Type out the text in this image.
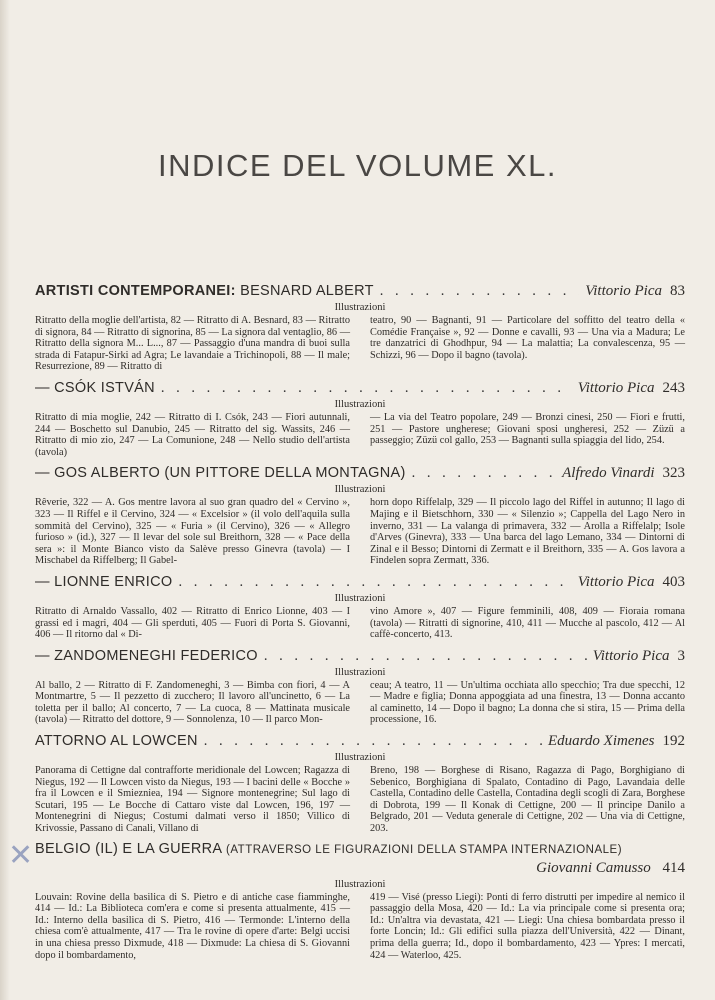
INDICE DEL VOLUME XL.
ARTISTI CONTEMPORANEI: BESNARD ALBERT . . .	Vittorio Pica 83
Illustrazioni

Ritratto della moglie dell'artista, 82 — Ritratto di A. Besnard, 83 — Ritratto di signora, 84 — Ritratto di signorina, 85 — La signora dal ventaglio, 86 — Ritratto della signora M... L..., 87 — Passaggio d'una mandra di buoi sulla strada di Fatapur-Sirki ad Agra; Le lavandaie a Trichinopoli, 88 — Il male; Resurrezione, 89 — Ritratto di

teatro, 90 — Bagnanti, 91 — Particolare del soffitto del teatro della « Comédie Française », 92 — Donne e cavalli, 93 — Una via a Madura; Le tre danzatrici di Ghodhpur, 94 — La malattia; La convalescenza, 95 — Schizzi, 96 — Dopo il bagno (tavola).

— CSÓK ISTVÁN . . .	Vittorio Pica 243
Illustrazioni

Ritratto di mia moglie, 242 — Ritratto di I. Csók, 243 — Fiori autunnali, 244 — Boschetto sul Danubio, 245 — Ritratto del sig. Wassits, 246 — Ritratto di mio zio, 247 — La Comunione, 248 — Nello studio dell'artista (tavola)

— La via del Teatro popolare, 249 — Bronzi cinesi, 250 — Fiori e frutti, 251 — Pastore ungherese; Giovani sposi ungheresi, 252 — Züzü a passeggio; Züzü col gallo, 253 — Bagnanti sulla spiaggia del lido, 254.

— GOS ALBERTO (UN PITTORE DELLA MONTAGNA) . . .	Alfredo Vinardi 323
Illustrazioni

Rêverie, 322 — A. Gos mentre lavora al suo gran quadro del « Cervino », 323 — Il Riffel e il Cervino, 324 — « Excelsior » (il volo dell'aquila sulla sommità del Cervino), 325 — « Furia » (il Cervino), 326 — « Allegro furioso » (id.), 327 — Il levar del sole sul Breithorn, 328 — « Pace della sera »: il Monte Bianco visto da Salève presso Ginevra (tavola) — I Mischabel da Riffelberg; Il Gabel-

horn dopo Riffelalp, 329 — Il piccolo lago del Riffel in autunno; Il lago di Majing e il Bietschhorn, 330 — « Silenzio »; Cappella del Lago Nero in inverno, 331 — La valanga di primavera, 332 — Arolla a Riffelalp; Isole d'Arves (Ginevra), 333 — Una barca del lago Lemano, 334 — Dintorni di Zinal e il Besso; Dintorni di Zermatt e il Breithorn, 335 — A. Gos lavora a Findelen sopra Zermatt, 336.

— LIONNE ENRICO . . .	Vittorio Pica 403
Illustrazioni

Ritratto di Arnaldo Vassallo, 402 — Ritratto di Enrico Lionne, 403 — I grassi ed i magri, 404 — Gli sperduti, 405 — Fuori di Porta S. Giovanni, 406 — Il ritorno dal « Di-

vino Amore », 407 — Figure femminili, 408, 409 — Fioraia romana (tavola) — Ritratti di signorine, 410, 411 — Mucche al pascolo, 412 — Al caffè-concerto, 413.

— ZANDOMENEGHI FEDERICO . . .	Vittorio Pica 3
Illustrazioni

Al ballo, 2 — Ritratto di F. Zandomeneghi, 3 — Bimba con fiori, 4 — A Montmartre, 5 — Il pezzetto di zucchero; Il lavoro all'uncinetto, 6 — La toletta per il ballo; Al concerto, 7 — La cuoca, 8 — Mattinata musicale (tavola) — Ritratto del dottore, 9 — Sonnolenza, 10 — Il parco Mon-

ceau; A teatro, 11 — Un'ultima occhiata allo specchio; Tra due specchi, 12 — Madre e figlia; Donna appoggiata ad una finestra, 13 — Donna accanto al caminetto, 14 — Dopo il bagno; La donna che si stira, 15 — Prima della processione, 16.

ATTORNO AL LOWCEN . . .	Eduardo Ximenes 192
Illustrazioni

Panorama di Cettigne dal contrafforte meridionale del Lowcen; Ragazza di Niegus, 192 — Il Lowcen visto da Niegus, 193 — I bacini delle « Bocche » fra il Lowcen e il Smiezniea, 194 — Signore montenegrine; Sul lago di Scutari, 195 — Le Bocche di Cattaro viste dal Lowcen, 196, 197 — Montenegrini di Niegus; Costumi dalmati verso il 1850; Villico di Krivossie, Passano di Canali, Villano di

Breno, 198 — Borghese di Risano, Ragazza di Pago, Borghigiano di Sebenico, Borghigiana di Spalato, Contadino di Pago, Lavandaia delle Castella, Contadino delle Castella, Contadina degli scogli di Zara, Borghese di Dobrota, 199 — Il Konak di Cettigne, 200 — Il principe Danilo a Belgrado, 201 — Veduta generale di Cettigne, 202 — Una via di Cettigne, 203.

BELGIO (IL) E LA GUERRA
(ATTRAVERSO LE FIGURAZIONI DELLA STAMPA INTERNAZIONALE)
Giovanni Camusso 414
Illustrazioni

Louvain: Rovine della basilica di S. Pietro e di antiche case fiamminghe, 414 — Id.: La Biblioteca com'era e come si presenta attualmente, 415 — Id.: Interno della basilica di S. Pietro, 416 — Termonde: L'interno della chiesa com'è attualmente, 417 — Tra le rovine di opere d'arte: Belgi uccisi in una chiesa presso Dixmude, 418 — Dixmude: La chiesa di S. Giovanni dopo il bombardamento,

419 — Visé (presso Liegi): Ponti di ferro distrutti per impedire al nemico il passaggio della Mosa, 420 — Id.: La via principale come si presenta ora; Id.: Un'altra via devastata, 421 — Liegi: Una chiesa bombardata presso il forte Loncin; Id.: Gli edifici sulla piazza dell'Università, 422 — Dinant, prima della guerra; Id., dopo il bombardamento, 423 — Ypres: I mercati, 424 — Waterloo, 425.

✕
